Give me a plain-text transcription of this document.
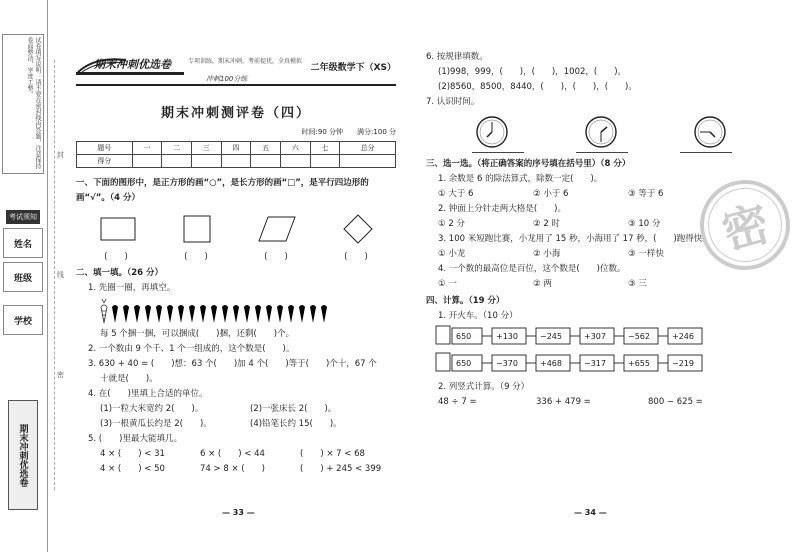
试卷填写说明：请不要在密封线内答题，注意保持卷面整洁，字迹工整。
考试须知
姓名
班级
学校
期末冲刺优选卷
封
线
密
期末冲刺优选卷	专项训练，期末冲刺，考前提优，全真模拟
二年级数学下（XS）
冲刺100分练
期末冲刺测评卷（四）
时间:90 分钟　　满分:100 分
题号	一	二	三	四	五	六	七	总分
得分								
一、下面的图形中，是正方形的画“○”，是长方形的画“□”，是平行四边形的画“√”。（4 分）
(　　)	(　　)	(　　)	(　　)
二、填一填。（26 分）
1. 先圈一圈，再填空。
每 5 个捆一捆，可以捆成(　　)捆，还剩(　　)个。
2. 一个数由 9 个千、1 个一组成的，这个数是(　　)。
3. 630 + 40 = (　　)想：63 个(　　)加 4 个(　　)等于(　　)个十，67 个
十就是(　　)。
4. 在(　　)里填上合适的单位。
(1)一粒大米宽约 2(　　)。	(2)一张床长 2(　　)。
(3)一根黄瓜长约是 2(　　)。	(4)铅笔长约 15(　　)。
5. (　　)里最大能填几。
4 × (　　) < 31	6 × (　　) < 44	(　　) × 7 < 68
4 × (　　) < 50	74 > 8 × (　　)	(　　) + 245 < 399
— 33 —
6. 按规律填数。
(1)998，999，(　　)，(　　)，1002，(　　)。
(2)8560，8500，8440，(　　)，(　　)，(　　)。
7. 认识时间。
三、选一选。（将正确答案的序号填在括号里）（8 分）
1. 余数是 6 的除法算式，除数一定(　　)。
① 大于 6	② 小于 6	③ 等于 6
2. 钟面上分针走两大格是(　　)。
① 2 分	② 2 时	③ 10 分
3. 100 米短跑比赛，小龙用了 15 秒，小海用了 17 秒，(　　)跑得快。
① 小龙	② 小海	③ 一样快
4. 一个数的最高位是百位，这个数是(　　)位数。
① 一	② 两	③ 三
四、计算。（19 分）
1. 开火车。（10 分）
650	+130	−245	+307	−562	+246
650	−370	+468	−317	+655	−219
2. 列竖式计算。（9 分）
48 ÷ 7 =	336 + 479 =	800 − 625 =
— 34 —
密
